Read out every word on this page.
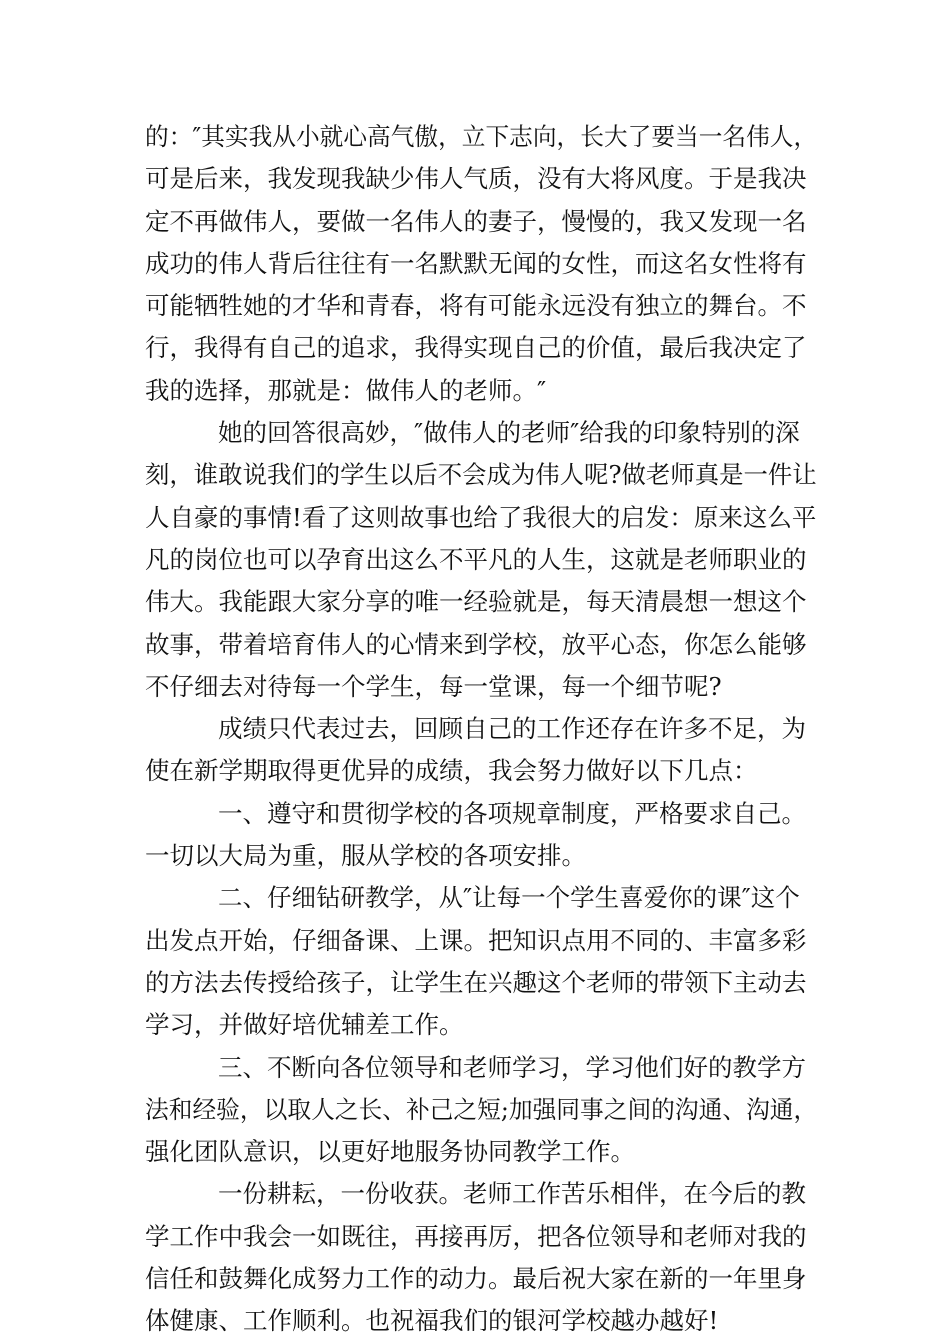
的：″其实我从小就心高气傲，立下志向，长大了要当一名伟人，
可是后来，我发现我缺少伟人气质，没有大将风度。于是我决
定不再做伟人，要做一名伟人的妻子，慢慢的，我又发现一名
成功的伟人背后往往有一名默默无闻的女性，而这名女性将有
可能牺牲她的才华和青春，将有可能永远没有独立的舞台。不
行，我得有自己的追求，我得实现自己的价值，最后我决定了
我的选择，那就是：做伟人的老师。″
她的回答很高妙，″做伟人的老师″给我的印象特别的深
刻，谁敢说我们的学生以后不会成为伟人呢?做老师真是一件让
人自豪的事情!看了这则故事也给了我很大的启发：原来这么平
凡的岗位也可以孕育出这么不平凡的人生，这就是老师职业的
伟大。我能跟大家分享的唯一经验就是，每天清晨想一想这个
故事，带着培育伟人的心情来到学校，放平心态，你怎么能够
不仔细去对待每一个学生，每一堂课，每一个细节呢?
成绩只代表过去，回顾自己的工作还存在许多不足，为
使在新学期取得更优异的成绩，我会努力做好以下几点：
一、遵守和贯彻学校的各项规章制度，严格要求自己。
一切以大局为重，服从学校的各项安排。
二、仔细钻研教学，从″让每一个学生喜爱你的课″这个
出发点开始，仔细备课、上课。把知识点用不同的、丰富多彩
的方法去传授给孩子，让学生在兴趣这个老师的带领下主动去
学习，并做好培优辅差工作。
三、不断向各位领导和老师学习，学习他们好的教学方
法和经验，以取人之长、补己之短;加强同事之间的沟通、沟通，
强化团队意识，以更好地服务协同教学工作。
一份耕耘，一份收获。老师工作苦乐相伴，在今后的教
学工作中我会一如既往，再接再厉，把各位领导和老师对我的
信任和鼓舞化成努力工作的动力。最后祝大家在新的一年里身
体健康、工作顺利。也祝福我们的银河学校越办越好!
